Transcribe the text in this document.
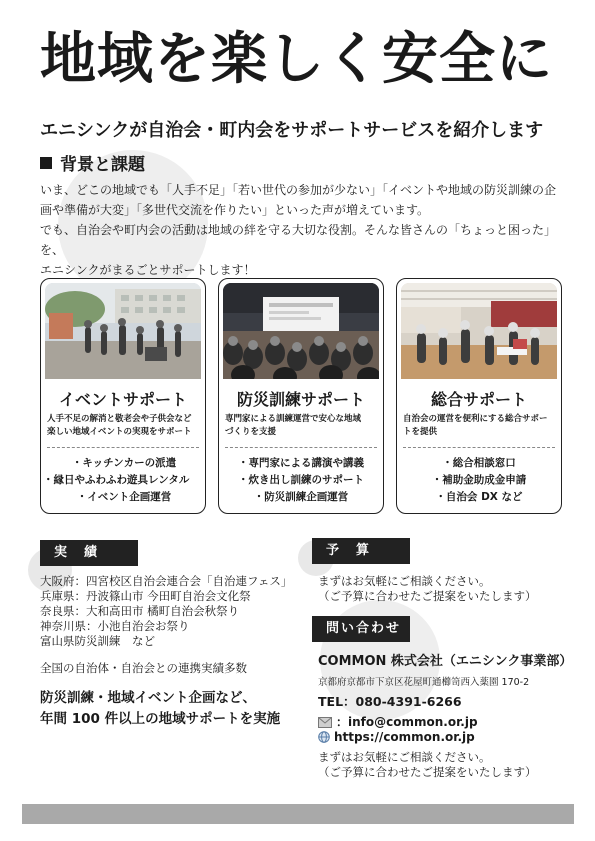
地域を楽しく安全に
エニシンクが自治会・町内会をサポートサービスを紹介します
背景と課題
いま、どこの地域でも「人手不足」「若い世代の参加が少ない」「イベントや地域の防災訓練の企
画や準備が大変」「多世代交流を作りたい」といった声が増えています。
でも、自治会や町内会の活動は地域の絆を守る大切な役割。そんな皆さんの「ちょっと困った」を、
エニシンクがまるごとサポートします！
イベントサポート
人手不足の解消と敬老会や子供会など
楽しい地域イベントの実現をサポート
・キッチンカーの派遣
・縁日やふわふわ遊具レンタル
・イベント企画運営
防災訓練サポート
専門家による訓練運営で安心な地域
づくりを支援
・専門家による講演や講義
・炊き出し訓練のサポート
・防災訓練企画運営
総合サポート
自治会の運営を便利にする総合サポー
トを提供
・総合相談窓口
・補助金助成金申請
・自治会 DX など
実　績
大阪府：四宮校区自治会連合会「自治連フェス」
兵庫県：丹波篠山市 今田町自治会文化祭
奈良県：大和高田市 橘町自治会秋祭り
神奈川県：小池自治会お祭り
富山県防災訓練　など
全国の自治体・自治会との連携実績多数
防災訓練・地域イベント企画など、
年間 100 件以上の地域サポートを実施
予　算
まずはお気軽にご相談ください。
（ご予算に合わせたご提案をいたします）
問い合わせ
COMMON 株式会社（エニシンク事業部）
京都府京都市下京区花屋町通櫛笥西入薬園 170-2
TEL：080-4391-6266
：info@common.or.jp
https://common.or.jp
まずはお気軽にご相談ください。
（ご予算に合わせたご提案をいたします）
